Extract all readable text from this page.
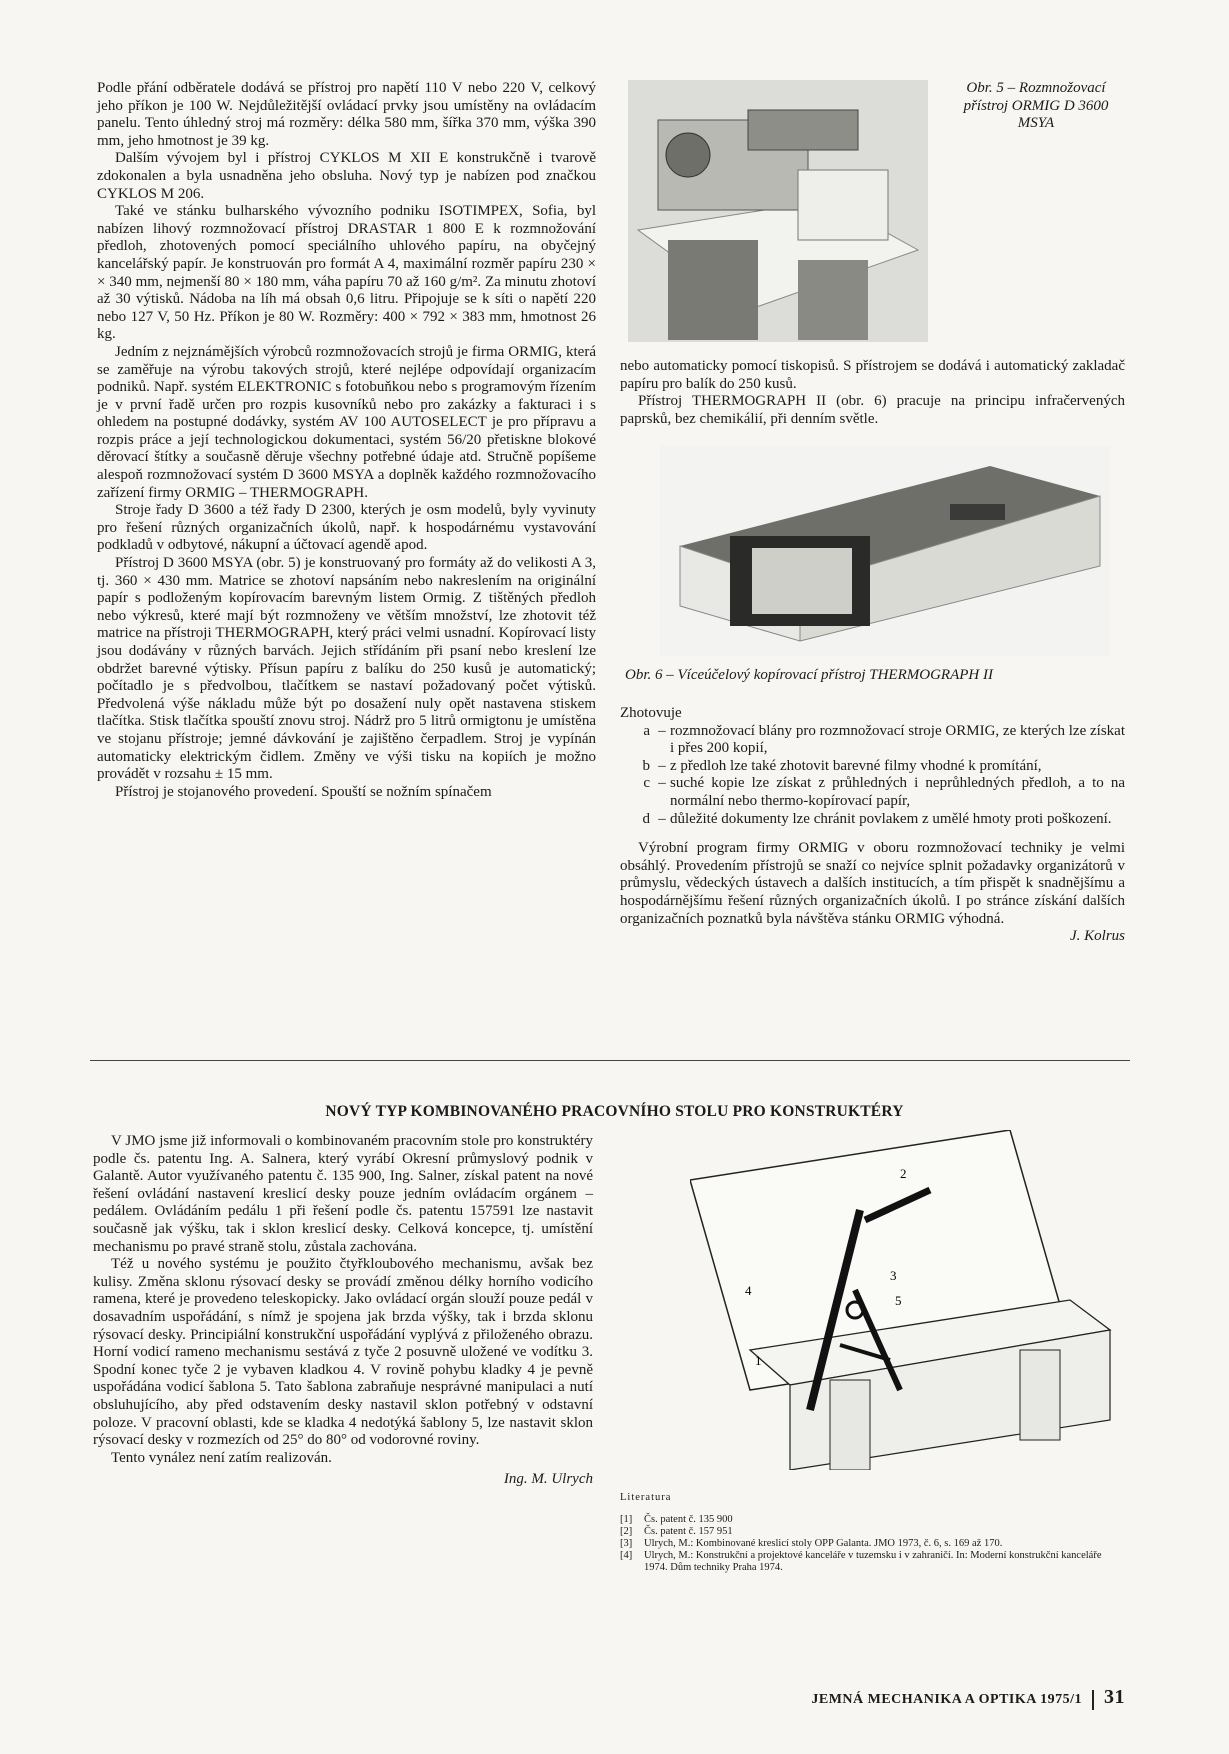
Podle přání odběratele dodává se přístroj pro napětí 110 V nebo 220 V, celkový jeho příkon je 100 W. Nejdůležitější ovládací prvky jsou umístěny na ovládacím panelu. Tento úhledný stroj má rozměry: délka 580 mm, šířka 370 mm, výška 390 mm, jeho hmotnost je 39 kg.

Dalším vývojem byl i přístroj CYKLOS M XII E konstrukčně i tvarově zdokonalen a byla usnadněna jeho obsluha. Nový typ je nabízen pod značkou CYKLOS M 206.

Také ve stánku bulharského vývozního podniku ISOTIMPEX, Sofia, byl nabízen lihový rozmnožovací přístroj DRASTAR 1 800 E k rozmnožování předloh, zhotovených pomocí speciálního uhlového papíru, na obyčejný kancelářský papír. Je konstruován pro formát A 4, maximální rozměr papíru 230 × × 340 mm, nejmenší 80 × 180 mm, váha papíru 70 až 160 g/m². Za minutu zhotoví až 30 výtisků. Nádoba na líh má obsah 0,6 litru. Připojuje se k síti o napětí 220 nebo 127 V, 50 Hz. Příkon je 80 W. Rozměry: 400 × 792 × 383 mm, hmotnost 26 kg.

Jedním z nejznámějších výrobců rozmnožovacích strojů je firma ORMIG, která se zaměřuje na výrobu takových strojů, které nejlépe odpovídají organizacím podniků. Např. systém ELEKTRONIC s fotobuňkou nebo s programovým řízením je v první řadě určen pro rozpis kusovníků nebo pro zakázky a fakturaci i s ohledem na postupné dodávky, systém AV 100 AUTOSELECT je pro přípravu a rozpis práce a její technologickou dokumentaci, systém 56/20 přetiskne blokové děrovací štítky a současně děruje všechny potřebné údaje atd. Stručně popíšeme alespoň rozmnožovací systém D 3600 MSYA a doplněk každého rozmnožovacího zařízení firmy ORMIG – THERMOGRAPH.

Stroje řady D 3600 a též řady D 2300, kterých je osm modelů, byly vyvinuty pro řešení různých organizačních úkolů, např. k hospodárnému vystavování podkladů v odbytové, nákupní a účtovací agendě apod.

Přístroj D 3600 MSYA (obr. 5) je konstruovaný pro formáty až do velikosti A 3, tj. 360 × 430 mm. Matrice se zhotoví napsáním nebo nakreslením na originální papír s podloženým kopírovacím barevným listem Ormig. Z tištěných předloh nebo výkresů, které mají být rozmnoženy ve větším množství, lze zhotovit též matrice na přístroji THERMOGRAPH, který práci velmi usnadní. Kopírovací listy jsou dodávány v různých barvách. Jejich střídáním při psaní nebo kreslení lze obdržet barevné výtisky. Přísun papíru z balíku do 250 kusů je automatický; počítadlo je s předvolbou, tlačítkem se nastaví požadovaný počet výtisků. Předvolená výše nákladu může být po dosažení nuly opět nastavena stiskem tlačítka. Stisk tlačítka spouští znovu stroj. Nádrž pro 5 litrů ormigtonu je umístěna ve stojanu přístroje; jemné dávkování je zajištěno čerpadlem. Stroj je vypínán automaticky elektrickým čidlem. Změny ve výši tisku na kopiích je možno provádět v rozsahu ± 15 mm.

Přístroj je stojanového provedení. Spouští se nožním spínačem

Obr. 5 – Rozmnožovací přístroj ORMIG D 3600 MSYA

nebo automaticky pomocí tiskopisů. S přístrojem se dodává i automatický zakladač papíru pro balík do 250 kusů.

Přístroj THERMOGRAPH II (obr. 6) pracuje na principu infračervených paprsků, bez chemikálií, při denním světle.

Obr. 6 – Víceúčelový kopírovací přístroj THERMOGRAPH II

Zhotovuje

a – rozmnožovací blány pro rozmnožovací stroje ORMIG, ze kterých lze získat i přes 200 kopií,
b – z předloh lze také zhotovit barevné filmy vhodné k promítání,
c – suché kopie lze získat z průhledných i neprůhledných předloh, a to na normální nebo thermo-kopírovací papír,
d – důležité dokumenty lze chránit povlakem z umělé hmoty proti poškození.

Výrobní program firmy ORMIG v oboru rozmnožovací techniky je velmi obsáhlý. Provedením přístrojů se snaží co nejvíce splnit požadavky organizátorů v průmyslu, vědeckých ústavech a dalších institucích, a tím přispět k snadnějšímu a hospodárnějšímu řešení různých organizačních úkolů. I po stránce získání dalších organizačních poznatků byla návštěva stánku ORMIG výhodná.

J. Kolrus

NOVÝ TYP KOMBINOVANÉHO PRACOVNÍHO STOLU PRO KONSTRUKTÉRY

V JMO jsme již informovali o kombinovaném pracovním stole pro konstruktéry podle čs. patentu Ing. A. Salnera, který vyrábí Okresní průmyslový podnik v Galantě. Autor využívaného patentu č. 135 900, Ing. Salner, získal patent na nové řešení ovládání nastavení kreslicí desky pouze jedním ovládacím orgánem – pedálem. Ovládáním pedálu 1 při řešení podle čs. patentu 157591 lze nastavit současně jak výšku, tak i sklon kreslicí desky. Celková koncepce, tj. umístění mechanismu po pravé straně stolu, zůstala zachována.

Též u nového systému je použito čtyřkloubového mechanismu, avšak bez kulisy. Změna sklonu rýsovací desky se provádí změnou délky horního vodicího ramena, které je provedeno teleskopicky. Jako ovládací orgán slouží pouze pedál v dosavadním uspořádání, s nímž je spojena jak brzda výšky, tak i brzda sklonu rýsovací desky. Principiální konstrukční uspořádání vyplývá z přiloženého obrazu. Horní vodicí rameno mechanismu sestává z tyče 2 posuvně uložené ve vodítku 3. Spodní konec tyče 2 je vybaven kladkou 4. V rovině pohybu kladky 4 je pevně uspořádána vodicí šablona 5. Tato šablona zabraňuje nesprávné manipulaci a nutí obsluhujícího, aby před odstavením desky nastavil sklon potřebný v odstavní poloze. V pracovní oblasti, kde se kladka 4 nedotýká šablony 5, lze nastavit sklon rýsovací desky v rozmezích od 25° do 80° od vodorovné roviny.

Tento vynález není zatím realizován.

Ing. M. Ulrych

2
3
4
5
1
Literatura
[1]	Čs. patent č. 135 900
[2]	Čs. patent č. 157 951
[3]	Ulrych, M.: Kombinované kreslicí stoly OPP Galanta. JMO 1973, č. 6, s. 169 až 170.
[4]	Ulrych, M.: Konstrukční a projektové kanceláře v tuzemsku i v zahraničí. In: Moderní konstrukční kanceláře 1974. Dům techniky Praha 1974.
JEMNÁ MECHANIKA A OPTIKA 1975/1 31
